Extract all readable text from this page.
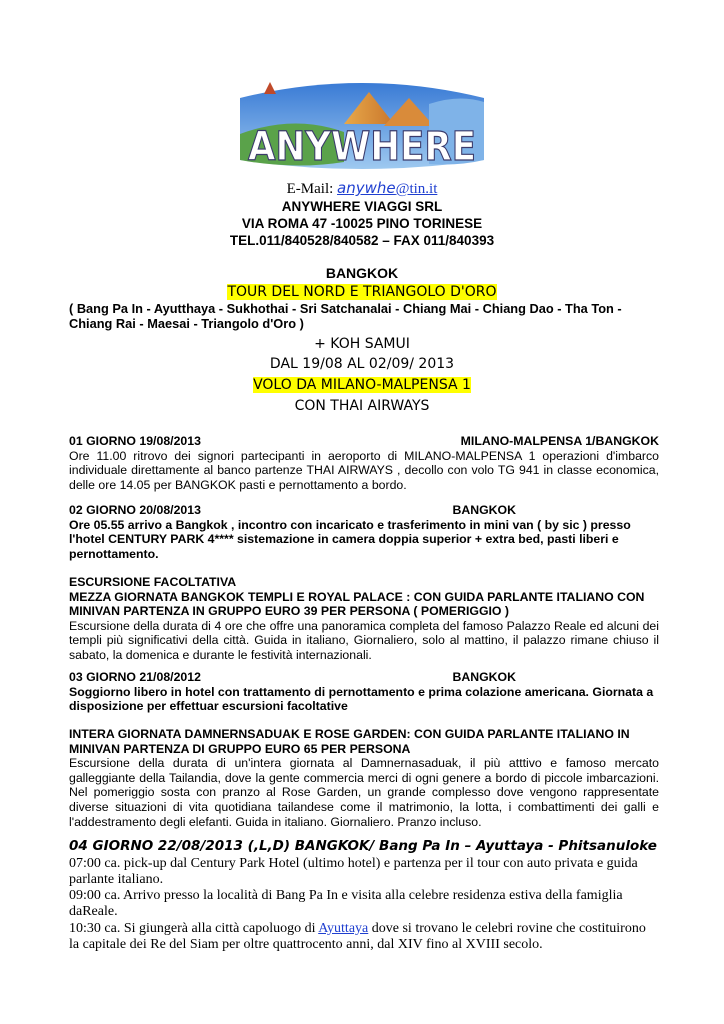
ANYWHERE
E-Mail: anywhe@tin.it
ANYWHERE VIAGGI SRL
VIA ROMA 47 -10025 PINO TORINESE
TEL.011/840528/840582 – FAX 011/840393
BANGKOK
TOUR DEL NORD E TRIANGOLO D'ORO
( Bang Pa In - Ayutthaya - Sukhothai - Sri Satchanalai - Chiang Mai - Chiang Dao - Tha Ton -
Chiang Rai - Maesai - Triangolo d'Oro )
+ KOH SAMUI
DAL 19/08 AL 02/09/ 2013
VOLO DA MILANO-MALPENSA 1
CON THAI AIRWAYS
01 GIORNO 19/08/2013	MILANO-MALPENSA 1/BANGKOK
Ore 11.00 ritrovo dei signori partecipanti in aeroporto di MILANO-MALPENSA 1 operazioni d'imbarco individuale direttamente al banco partenze THAI AIRWAYS , decollo con volo TG 941 in classe economica, delle ore 14.05 per BANGKOK pasti e pernottamento a bordo.
02 GIORNO 20/08/2013	BANGKOK
Ore 05.55 arrivo a Bangkok , incontro con incaricato e trasferimento in mini van ( by sic ) presso l'hotel CENTURY PARK 4**** sistemazione in camera doppia superior + extra bed, pasti liberi e pernottamento.
ESCURSIONE FACOLTATIVA
MEZZA GIORNATA BANGKOK TEMPLI E ROYAL PALACE : CON GUIDA PARLANTE ITALIANO CON MINIVAN PARTENZA IN GRUPPO EURO 39 PER PERSONA ( POMERIGGIO )
Escursione della durata di 4 ore che offre una panoramica completa del famoso Palazzo Reale ed alcuni dei templi più significativi della città. Guida in italiano, Giornaliero, solo al mattino, il palazzo rimane chiuso il sabato, la domenica e durante le festività internazionali.
03 GIORNO 21/08/2012	BANGKOK
Soggiorno libero in hotel con trattamento di pernottamento e prima colazione americana. Giornata a disposizione per effettuar escursioni facoltative
INTERA GIORNATA DAMNERNSADUAK E ROSE GARDEN: CON GUIDA PARLANTE ITALIANO IN MINIVAN PARTENZA DI GRUPPO EURO 65 PER PERSONA
Escursione della durata di un'intera giornata al Damnernasaduak, il più atttivo e famoso mercato galleggiante della Tailandia, dove la gente commercia merci di ogni genere a bordo di piccole imbarcazioni. Nel pomeriggio sosta con pranzo al Rose Garden, un grande complesso dove vengono rappresentate diverse situazioni di vita quotidiana tailandese come il matrimonio, la lotta, i combattimenti dei galli e l'addestramento degli elefanti. Guida in italiano. Giornaliero. Pranzo incluso.
04 GIORNO 22/08/2013 (,L,D) BANGKOK/ Bang Pa In – Ayuttaya - Phitsanuloke
07:00 ca. pick-up dal Century Park Hotel (ultimo hotel) e partenza per il tour con auto privata e guida parlante italiano.
09:00 ca. Arrivo presso la località di Bang Pa In e visita alla celebre residenza estiva della famiglia daReale.
10:30 ca. Si giungerà alla città capoluogo di Ayuttaya dove si trovano le celebri rovine che costituirono la capitale dei Re del Siam per oltre quattrocento anni, dal XIV fino al XVIII secolo.
